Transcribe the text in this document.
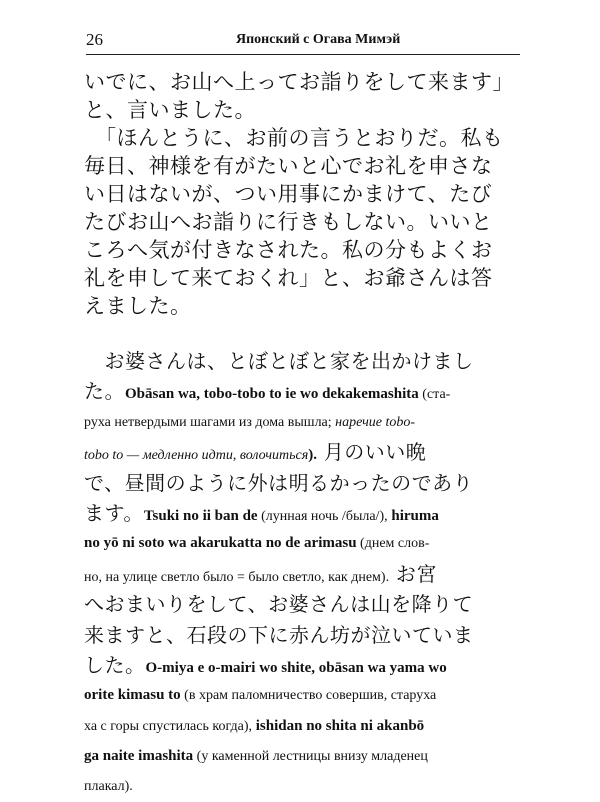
26	Японский с Огава Мимэй
いでに、お山へ上ってお詣りをして来ます」
と、言いました。
　「ほんとうに、お前の言うとおりだ。私も
毎日、神様を有がたいと心でお礼を申さな
い日はないが、つい用事にかまけて、たび
たびお山へお詣りに行きもしない。いいと
ころへ気が付きなされた。私の分もよくお
礼を申して来ておくれ」と、お爺さんは答
えました。
　お婆さんは、とぼとぼと家を出かけまし
た。Obāsan wa, tobo-tobo to ie wo dekakemashita (ста-
руха нетвердыми шагами из дома вышла; наречие tobo-
tobo to — медленно идти, волочиться). 月のいい晩
で、昼間のように外は明るかったのであり
ます。Tsuki no ii ban de (лунная ночь /была/), hiruma
no yō ni soto wa akarukatta no de arimasu (днем слов-
но, на улице светло было = было светло, как днем). お宮
へおまいりをして、お婆さんは山を降りて
来ますと、石段の下に赤ん坊が泣いていま
した。O-miya e o-mairi wo shite, obāsan wa yama wo
orite kimasu to (в храм паломничество совершив, старуха
ха с горы спустилась когда), ishidan no shita ni akanbō
ga naite imashita (у каменной лестницы внизу младенец
плакал).
